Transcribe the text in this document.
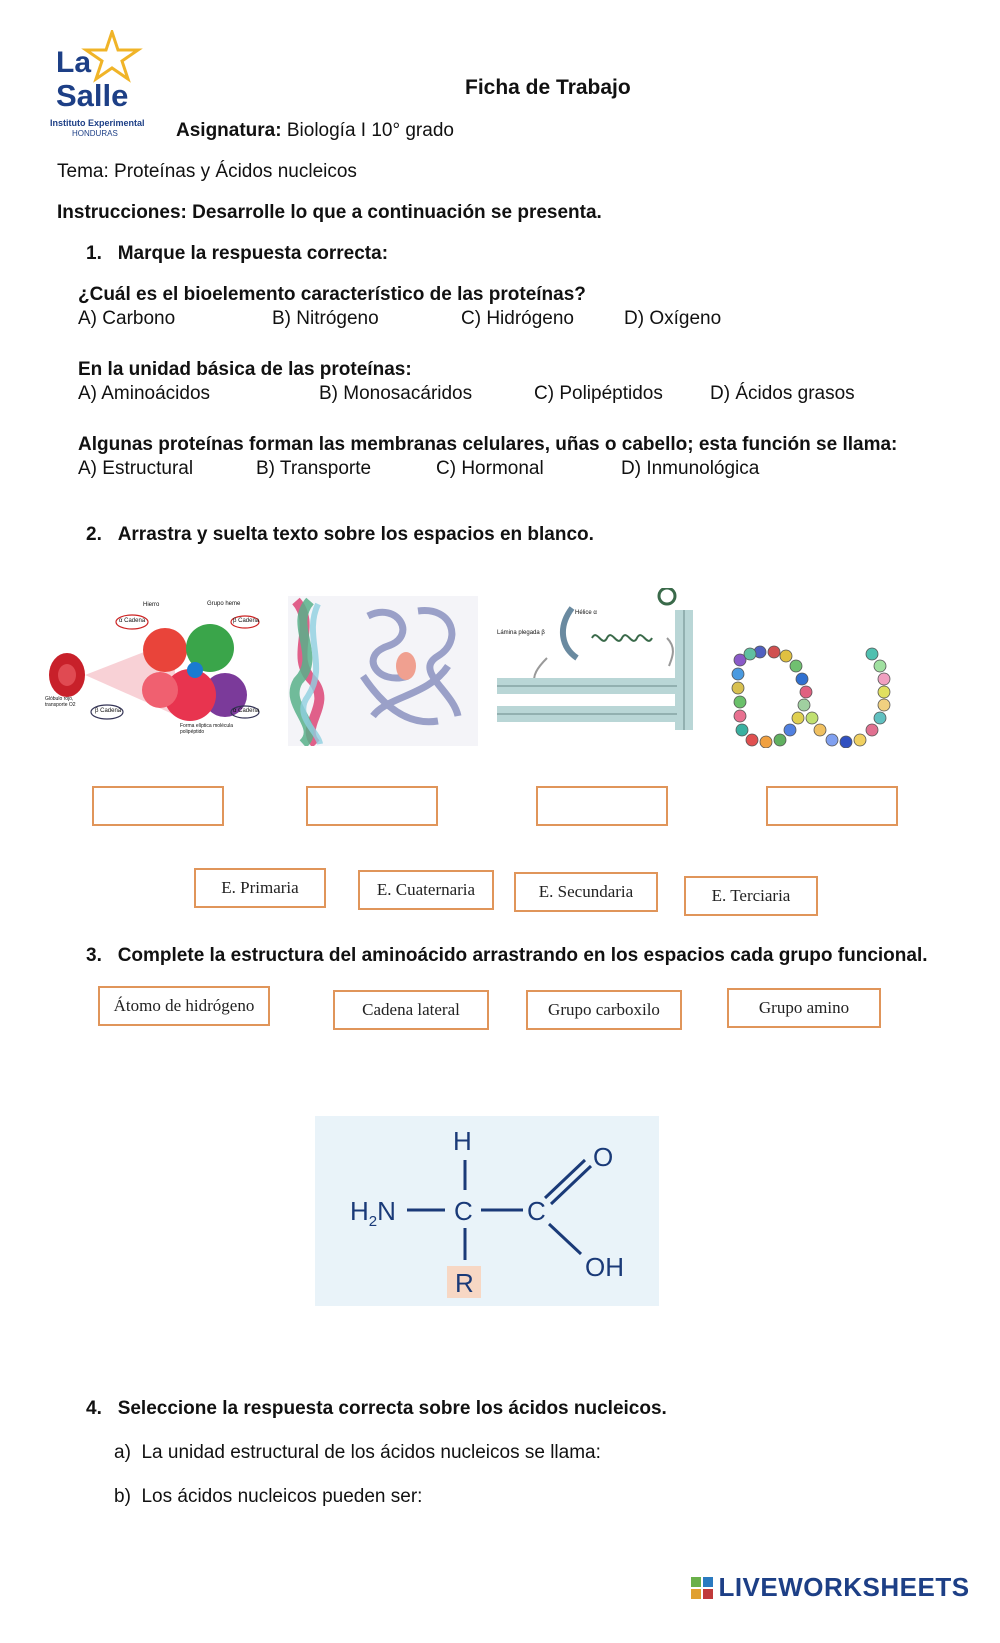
La
Salle
Instituto Experimental
HONDURAS
Ficha de Trabajo
Asignatura: Biología I 10° grado
Tema: Proteínas y Ácidos nucleicos
Instrucciones: Desarrolle lo que a continuación se presenta.
1.   Marque la respuesta correcta:
¿Cuál es el bioelemento característico de las proteínas?
A) Carbono	B) Nitrógeno	C) Hidrógeno	D) Oxígeno
En la unidad básica de las proteínas:
A) Aminoácidos	B) Monosacáridos	C) Polipéptidos D) Ácidos grasos
Algunas proteínas forman las membranas celulares, uñas o cabello; esta función se llama:
A) Estructural	B) Transporte	C) Hormonal	D) Inmunológica
2.   Arrastra y suelta texto sobre los espacios en blanco.
α Cadena
Hierro	Grupo heme
β Cadena
Glóbulo rojo, transporte O2
β Cadena	α Cadena
Forma elíptica molécula polipéptido
Hélice α
Lámina plegada β
E. Primaria	E. Cuaternaria	E. Secundaria	E. Terciaria
3.   Complete la estructura del aminoácido arrastrando en los espacios cada grupo funcional.
Átomo de hidrógeno	Cadena lateral	Grupo carboxilo	Grupo amino
H
$H_2N$ C C
O
OH
R
4.   Seleccione la respuesta correcta sobre los ácidos nucleicos.
a) La unidad estructural de los ácidos nucleicos se llama:
b) Los ácidos nucleicos pueden ser:
LIVEWORKSHEETS
